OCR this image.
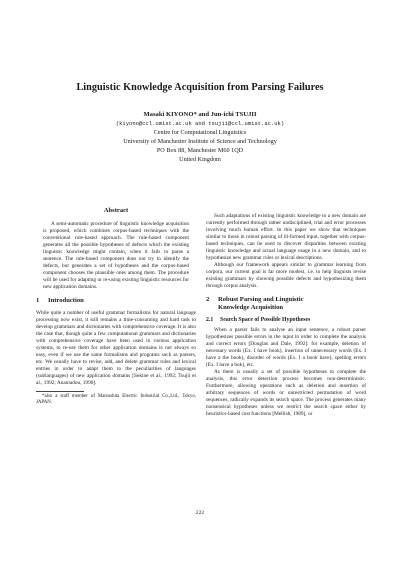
Linguistic Knowledge Acquisition from Parsing Failures
Masaki KIYONO* and Jun-ichi TSUJII
(kiyono@ccl.umist.ac.uk and tsujii@ccl.umist.ac.uk)
Centre for Computational Linguistics
University of Manchester Institute of Science and Technology
PO Box 88, Manchester M60 1QD
United Kingdom
Abstract

A semi-automatic procedure of linguistic knowledge acquisition is proposed, which combines corpus-based techniques with the conventional rule-based approach. The rule-based component generates all the possible hypotheses of defects which the existing linguistic knowledge might contain, when it fails to parse a sentence. The rule-based component does not try to identify the defects, but generates a set of hypotheses and the corpus-based component chooses the plausible ones among them. The procedure will be used for adapting or re-using existing linguistic resources for new application domains.

1 Introduction

While quite a number of useful grammar formalisms for natural language processing now exist, it still remains a time-consuming and hard task to develop grammars and dictionaries with comprehensive coverage. It is also the case that, though quite a few computational grammars and dictionaries with comprehensive coverage have been used in various application systems, to re-use them for other application domains is not always so easy, even if we use the same formalisms and programs such as parsers, etc. We usually have to revise, add, and delete grammar rules and lexical entries in order to adapt them to the peculiarities of languages (sublanguages) of new application domains [Sekine et al., 1992; Tsujii et al., 1992; Ananiadou, 1990].

*also a staff member of Matsushita Electric Industrial Co.,Ltd., Tokyo, JAPAN.

Such adaptations of existing linguistic knowledge to a new domain are currently performed through rather undisciplined, trial and error processes involving much human effort. In this paper we show that techniques similar to those in robust parsing of ill-formed input, together with corpus-based techniques, can be used to discover disparities between existing linguistic knowledge and actual language usage in a new domain, and to hypothesize new grammar rules or lexical descriptions.

Although our framework appears similar to grammar learning from corpora, our current goal is far more modest, i.e. to help linguists revise existing grammars by showing possible defects and hypothesizing them through corpus analysis.

2 Robust Parsing and Linguistic
Knowledge Acquisition
2.1 Search Space of Possible Hypotheses

When a parser fails to analyse an input sentence, a robust parser hypothesizes possible errors in the input in order to complete the analysis and correct errors [Douglas and Dale, 1992]: for example, deletion of necessary words (Ex. I have book), insertion of unnecessary words (Ex. I have a the book), disorder of words (Ex. I a book have), spelling errors (Ex. I have a bok), etc.

As there is usually a set of possible hypotheses to complete the analysis, this error detection process becomes non-deterministic. Furthermore, allowing operations such as deletion and insertion of arbitrary sequences of words or unrestricted permutation of word sequences, radically expands its search space. The process generates many nonsensical hypotheses unless we restrict the search space either by heuristics-based cost functions [Mellish, 1989], or

222
